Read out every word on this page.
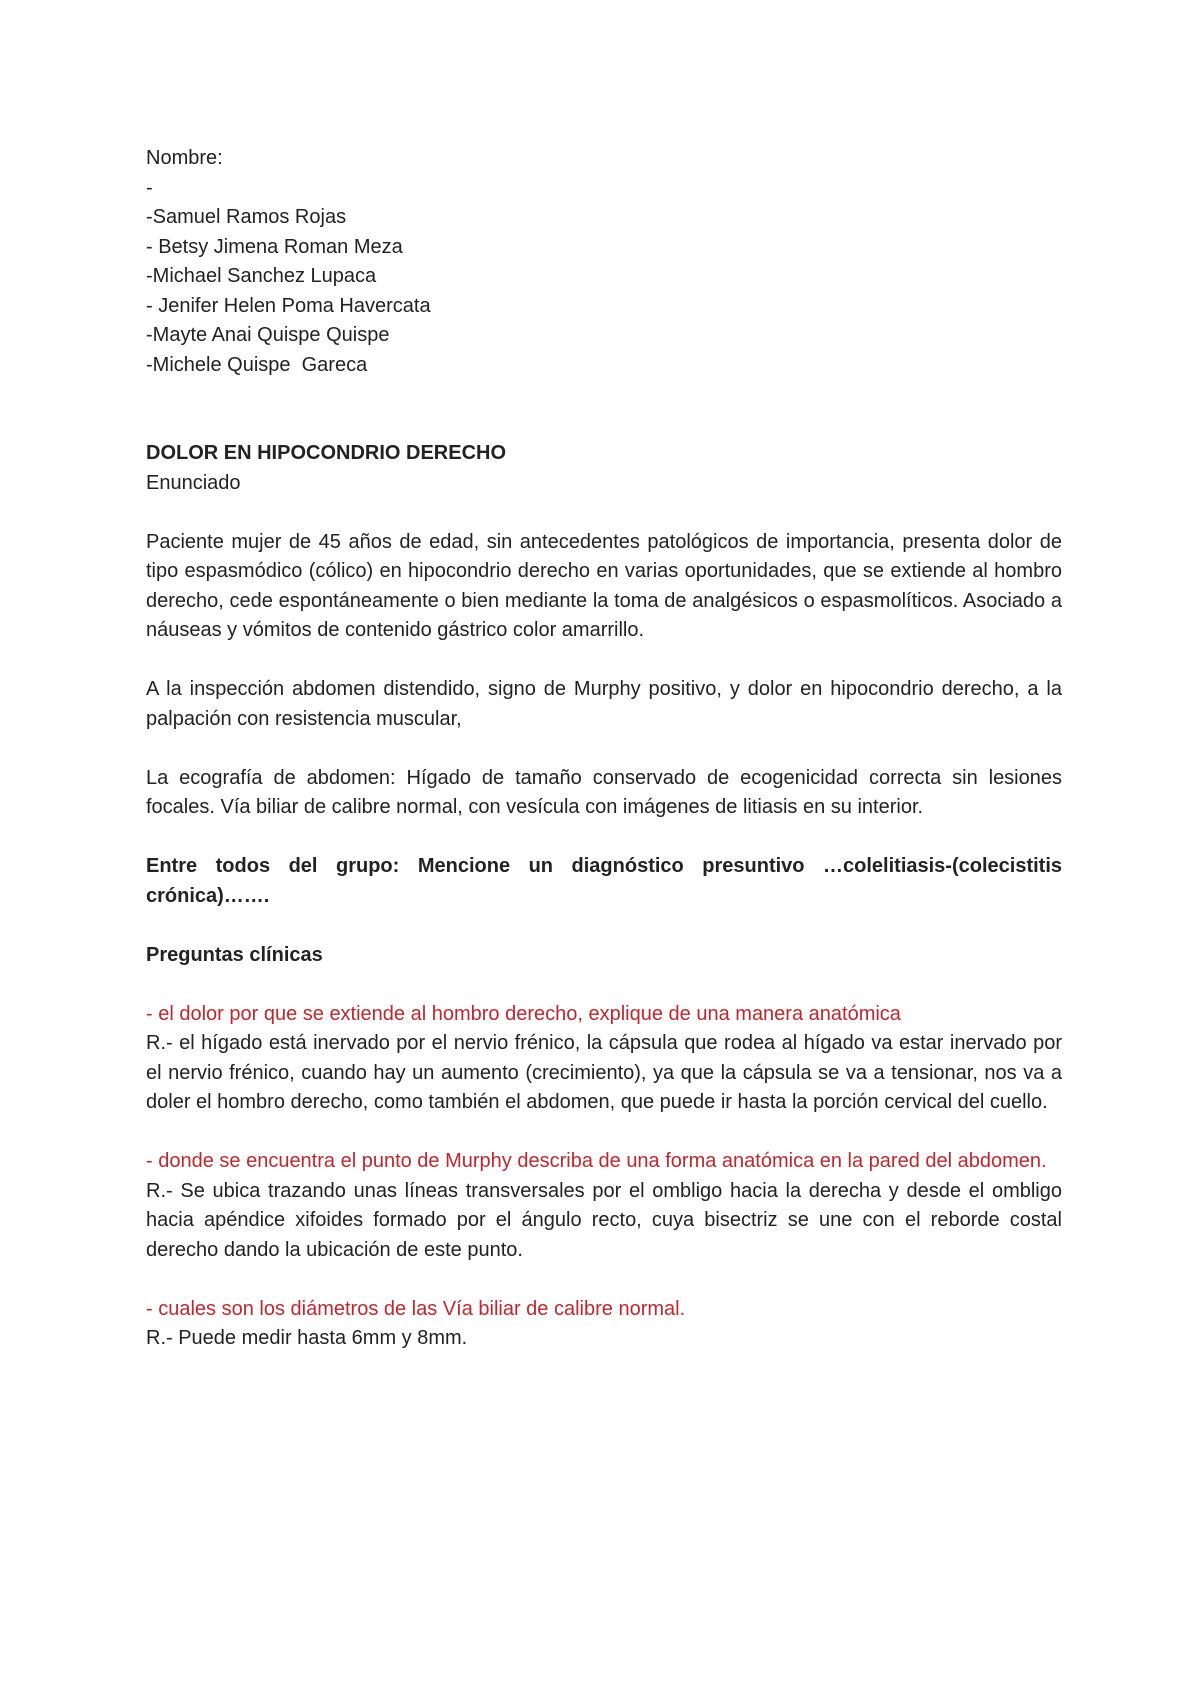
Nombre:

-

-Samuel Ramos Rojas

- Betsy Jimena Roman Meza

-Michael Sanchez Lupaca

- Jenifer Helen Poma Havercata

-Mayte Anai Quispe Quispe

-Michele Quispe  Gareca

DOLOR EN HIPOCONDRIO DERECHO

Enunciado

Paciente mujer de 45 años de edad, sin antecedentes patológicos de importancia, presenta dolor de tipo espasmódico (cólico) en hipocondrio derecho en varias oportunidades, que se extiende al hombro derecho, cede espontáneamente o bien mediante la toma de analgésicos o espasmolíticos. Asociado a náuseas y vómitos de contenido gástrico color amarrillo.

A la inspección abdomen distendido, signo de Murphy positivo, y dolor en hipocondrio derecho, a la palpación con resistencia muscular,

La ecografía de abdomen: Hígado de tamaño conservado de ecogenicidad correcta sin lesiones focales. Vía biliar de calibre normal, con vesícula con imágenes de litiasis en su interior.

Entre todos del grupo: Mencione un diagnóstico presuntivo …colelitiasis-(colecistitis crónica)…….

Preguntas clínicas

- el dolor por que se extiende al hombro derecho, explique de una manera anatómica

R.- el hígado está inervado por el nervio frénico, la cápsula que rodea al hígado va estar inervado por el nervio frénico, cuando hay un aumento (crecimiento), ya que la cápsula se va a tensionar, nos va a doler el hombro derecho, como también el abdomen, que puede ir hasta la porción cervical del cuello.

- donde se encuentra el punto de Murphy describa de una forma anatómica en la pared del abdomen.

R.- Se ubica trazando unas líneas transversales por el ombligo hacia la derecha y desde el ombligo hacia apéndice xifoides formado por el ángulo recto, cuya bisectriz se une con el reborde costal derecho dando la ubicación de este punto.

- cuales son los diámetros de las Vía biliar de calibre normal.

R.- Puede medir hasta 6mm y 8mm.
